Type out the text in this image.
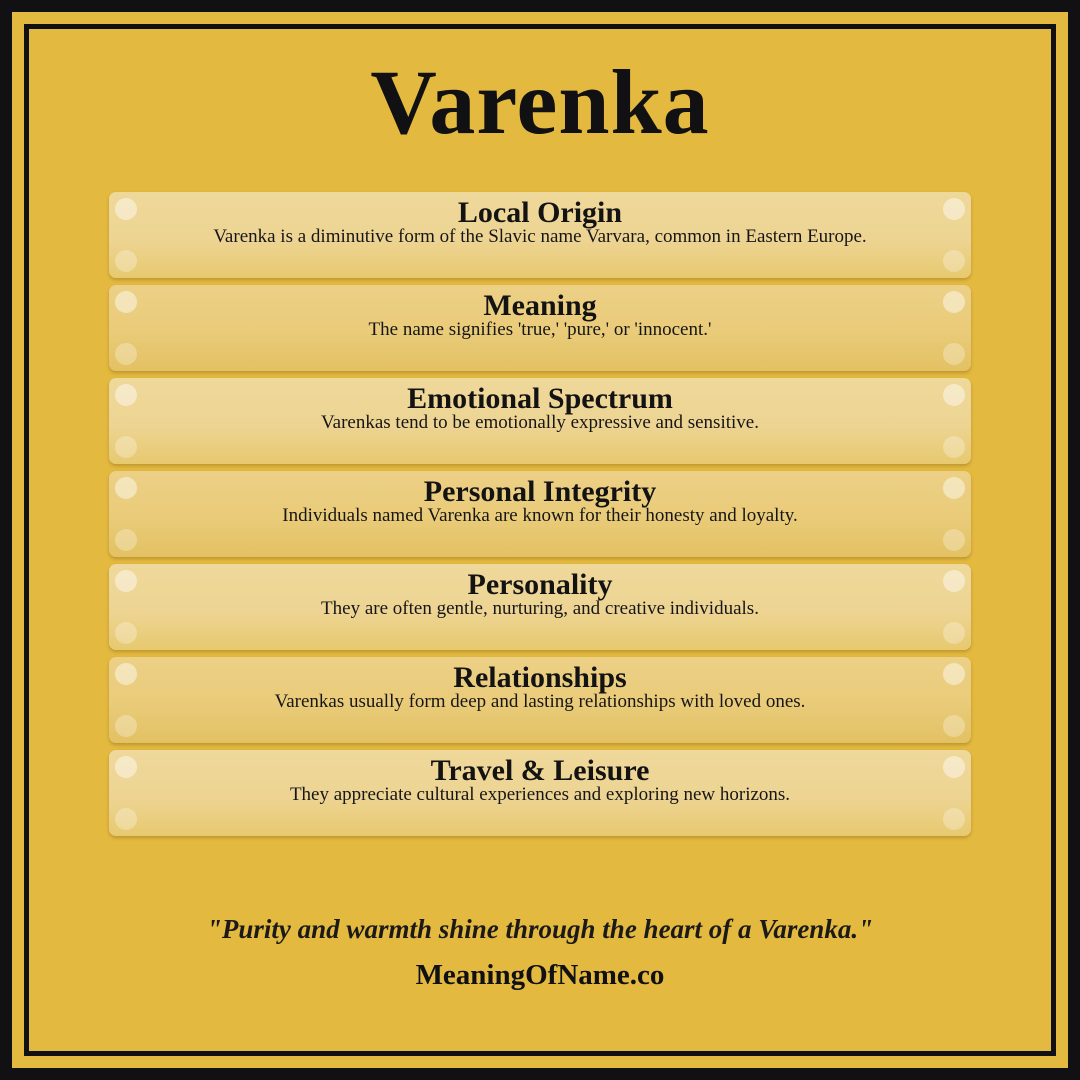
Varenka
Local Origin
Varenka is a diminutive form of the Slavic name Varvara, common in Eastern Europe.
Meaning
The name signifies 'true,' 'pure,' or 'innocent.'
Emotional Spectrum
Varenkas tend to be emotionally expressive and sensitive.
Personal Integrity
Individuals named Varenka are known for their honesty and loyalty.
Personality
They are often gentle, nurturing, and creative individuals.
Relationships
Varenkas usually form deep and lasting relationships with loved ones.
Travel & Leisure
They appreciate cultural experiences and exploring new horizons.
"Purity and warmth shine through the heart of a Varenka."
MeaningOfName.co
